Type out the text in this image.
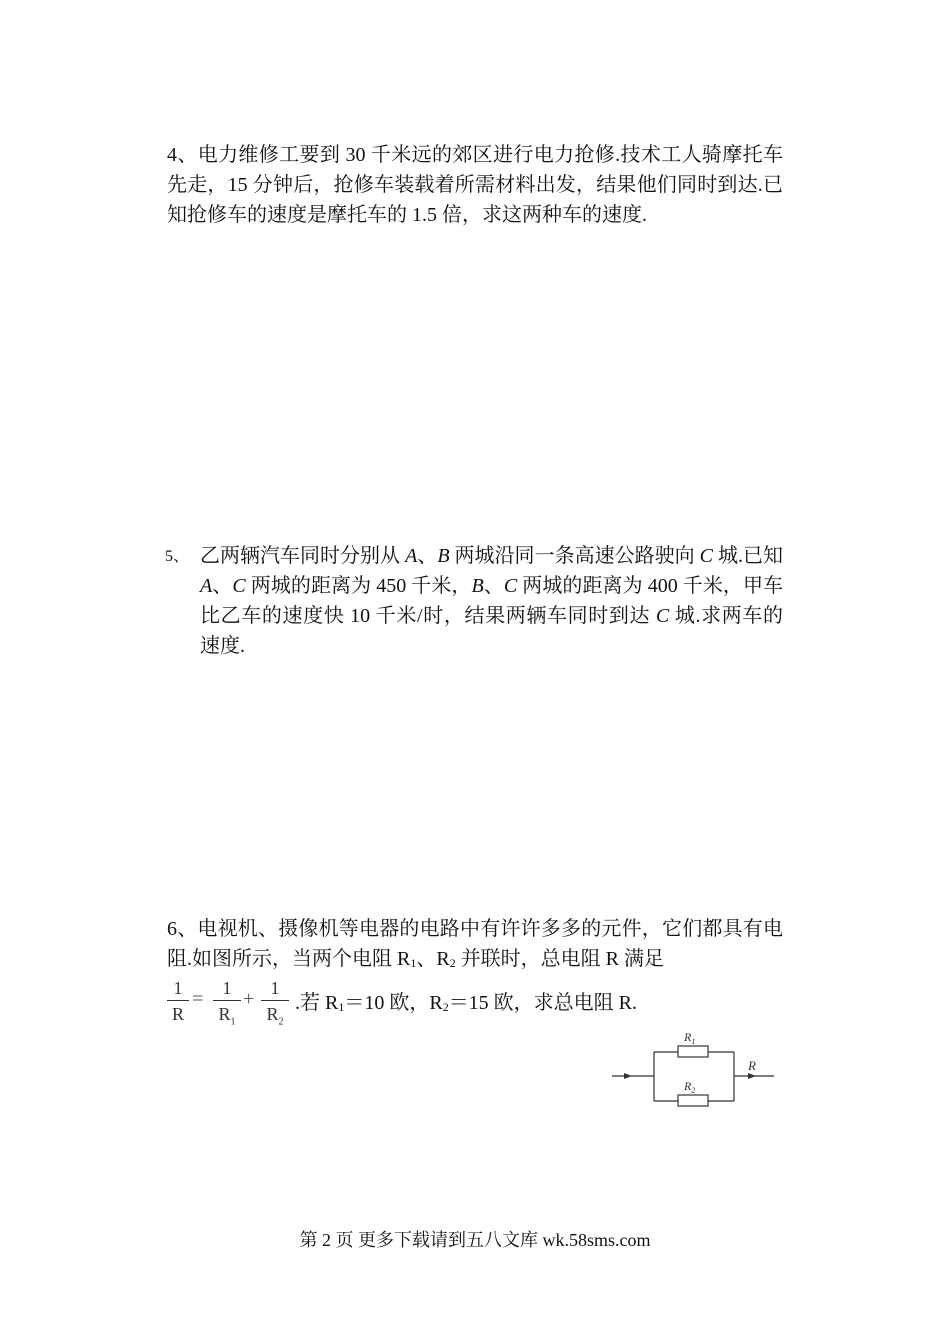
4、电力维修工要到 30 千米远的郊区进行电力抢修.技术工人骑摩托车先走，15 分钟后，抢修车装载着所需材料出发，结果他们同时到达.已知抢修车的速度是摩托车的 1.5 倍，求这两种车的速度.
5、 乙两辆汽车同时分别从 A、B 两城沿同一条高速公路驶向 C 城.已知 A、C 两城的距离为 450 千米，B、C 两城的距离为 400 千米，甲车比乙车的速度快 10 千米/时，结果两辆车同时到达 C 城.求两车的速度.
6、电视机、摄像机等电器的电路中有许许多多的元件，它们都具有电阻.如图所示，当两个电阻 $R_1$、$R_2$ 并联时，总电阻 R 满足
1
R
=	1
$R_1$
+ 1
$R_2$
.若 $R_1=10$ 欧，$R_2=15$ 欧，求总电阻 R.
$R_1$
$R_2$
R
第 2 页 更多下载请到五八文库 wk.58sms.com
